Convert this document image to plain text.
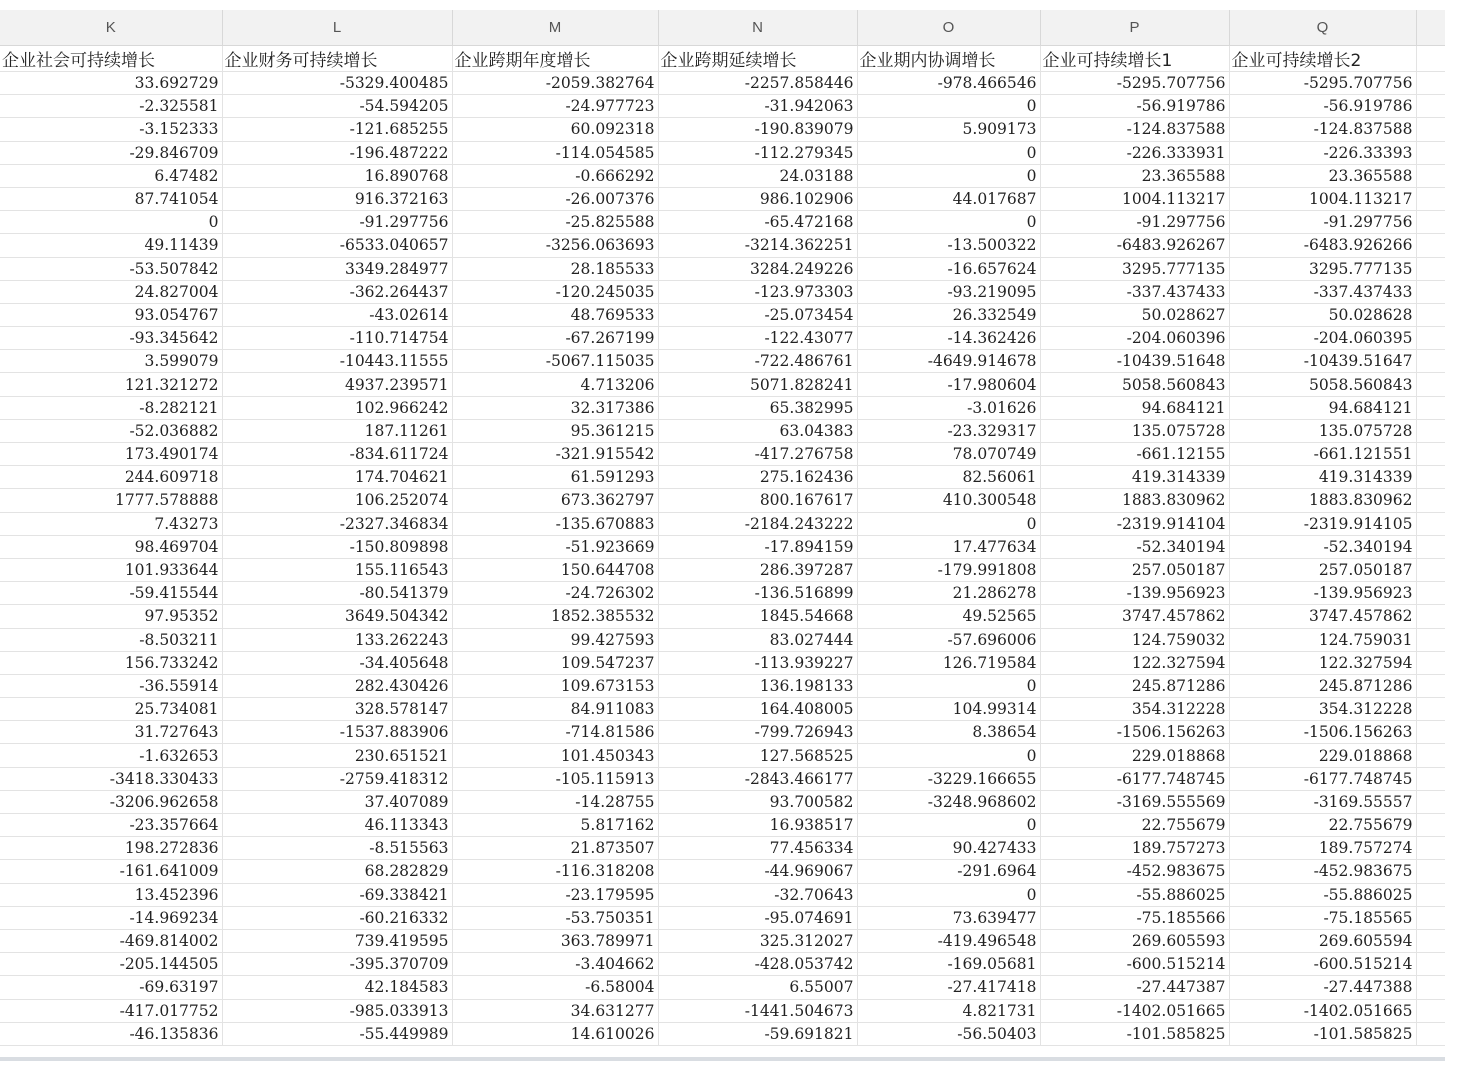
K	L	M	N	O	P	Q	
企业社会可持续增长	企业财务可持续增长	企业跨期年度增长	企业跨期延续增长	企业期内协调增长	企业可持续增长1	企业可持续增长2	
33.692729	-5329.400485	-2059.382764	-2257.858446	-978.466546	-5295.707756	-5295.707756	
-2.325581	-54.594205	-24.977723	-31.942063	0	-56.919786	-56.919786	
-3.152333	-121.685255	60.092318	-190.839079	5.909173	-124.837588	-124.837588	
-29.846709	-196.487222	-114.054585	-112.279345	0	-226.333931	-226.33393	
6.47482	16.890768	-0.666292	24.03188	0	23.365588	23.365588	
87.741054	916.372163	-26.007376	986.102906	44.017687	1004.113217	1004.113217	
0	-91.297756	-25.825588	-65.472168	0	-91.297756	-91.297756	
49.11439	-6533.040657	-3256.063693	-3214.362251	-13.500322	-6483.926267	-6483.926266	
-53.507842	3349.284977	28.185533	3284.249226	-16.657624	3295.777135	3295.777135	
24.827004	-362.264437	-120.245035	-123.973303	-93.219095	-337.437433	-337.437433	
93.054767	-43.02614	48.769533	-25.073454	26.332549	50.028627	50.028628	
-93.345642	-110.714754	-67.267199	-122.43077	-14.362426	-204.060396	-204.060395	
3.599079	-10443.11555	-5067.115035	-722.486761	-4649.914678	-10439.51648	-10439.51647	
121.321272	4937.239571	4.713206	5071.828241	-17.980604	5058.560843	5058.560843	
-8.282121	102.966242	32.317386	65.382995	-3.01626	94.684121	94.684121	
-52.036882	187.11261	95.361215	63.04383	-23.329317	135.075728	135.075728	
173.490174	-834.611724	-321.915542	-417.276758	78.070749	-661.12155	-661.121551	
244.609718	174.704621	61.591293	275.162436	82.56061	419.314339	419.314339	
1777.578888	106.252074	673.362797	800.167617	410.300548	1883.830962	1883.830962	
7.43273	-2327.346834	-135.670883	-2184.243222	0	-2319.914104	-2319.914105	
98.469704	-150.809898	-51.923669	-17.894159	17.477634	-52.340194	-52.340194	
101.933644	155.116543	150.644708	286.397287	-179.991808	257.050187	257.050187	
-59.415544	-80.541379	-24.726302	-136.516899	21.286278	-139.956923	-139.956923	
97.95352	3649.504342	1852.385532	1845.54668	49.52565	3747.457862	3747.457862	
-8.503211	133.262243	99.427593	83.027444	-57.696006	124.759032	124.759031	
156.733242	-34.405648	109.547237	-113.939227	126.719584	122.327594	122.327594	
-36.55914	282.430426	109.673153	136.198133	0	245.871286	245.871286	
25.734081	328.578147	84.911083	164.408005	104.99314	354.312228	354.312228	
31.727643	-1537.883906	-714.81586	-799.726943	8.38654	-1506.156263	-1506.156263	
-1.632653	230.651521	101.450343	127.568525	0	229.018868	229.018868	
-3418.330433	-2759.418312	-105.115913	-2843.466177	-3229.166655	-6177.748745	-6177.748745	
-3206.962658	37.407089	-14.28755	93.700582	-3248.968602	-3169.555569	-3169.55557	
-23.357664	46.113343	5.817162	16.938517	0	22.755679	22.755679	
198.272836	-8.515563	21.873507	77.456334	90.427433	189.757273	189.757274	
-161.641009	68.282829	-116.318208	-44.969067	-291.6964	-452.983675	-452.983675	
13.452396	-69.338421	-23.179595	-32.70643	0	-55.886025	-55.886025	
-14.969234	-60.216332	-53.750351	-95.074691	73.639477	-75.185566	-75.185565	
-469.814002	739.419595	363.789971	325.312027	-419.496548	269.605593	269.605594	
-205.144505	-395.370709	-3.404662	-428.053742	-169.05681	-600.515214	-600.515214	
-69.63197	42.184583	-6.58004	6.55007	-27.417418	-27.447387	-27.447388	
-417.017752	-985.033913	34.631277	-1441.504673	4.821731	-1402.051665	-1402.051665	
-46.135836	-55.449989	14.610026	-59.691821	-56.50403	-101.585825	-101.585825	
